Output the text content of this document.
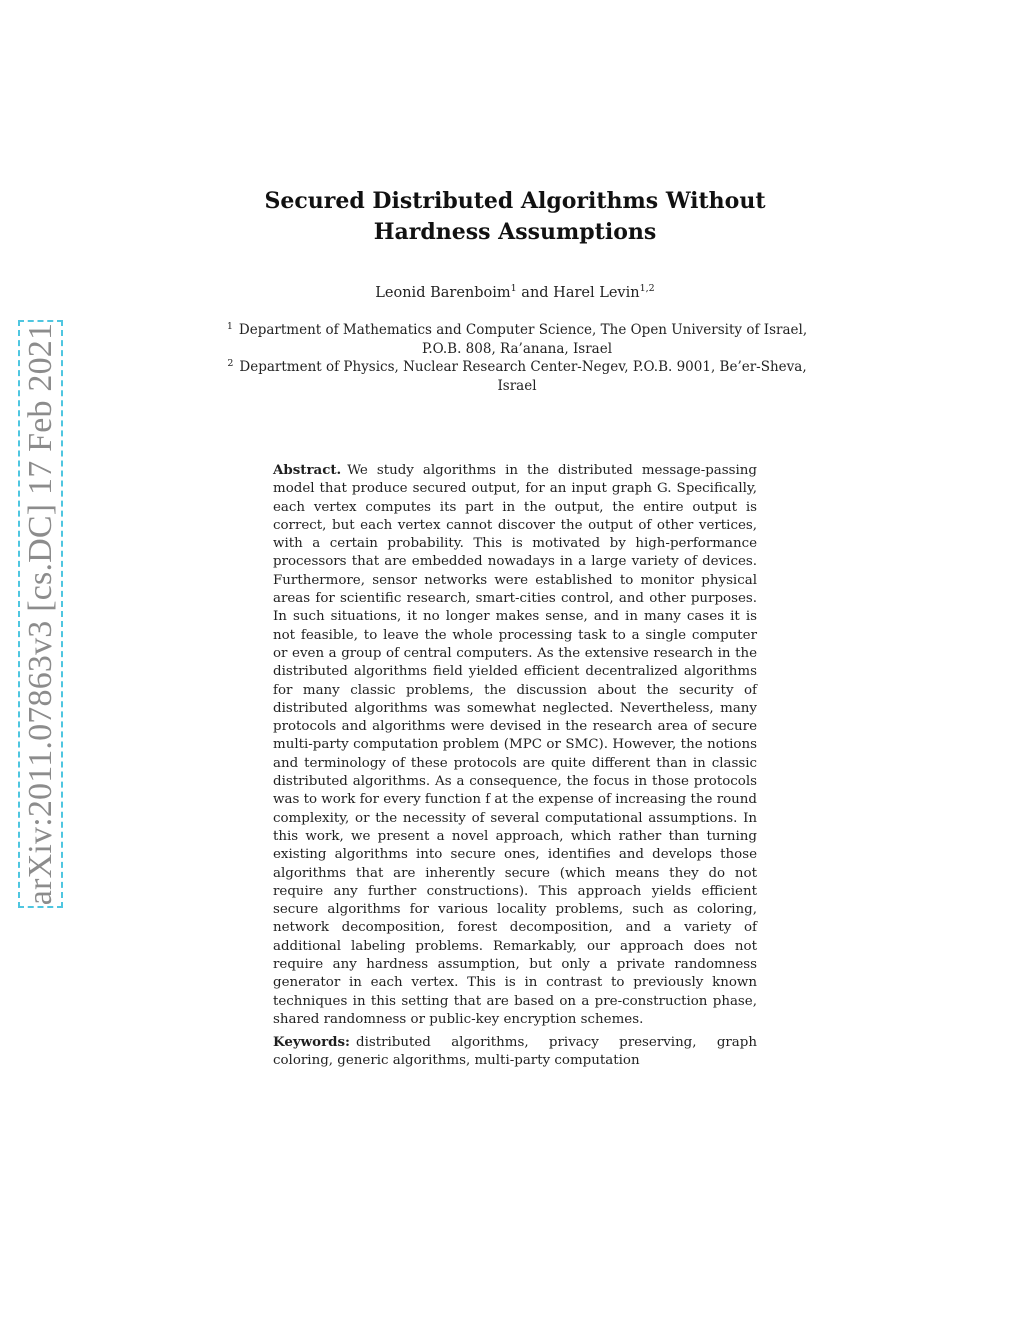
arXiv:2011.07863v3 [cs.DC] 17 Feb 2021
Secured Distributed Algorithms Without
Hardness Assumptions
Leonid Barenboim$^1$ and Harel Levin$^{1,2}$
$^1$ Department of Mathematics and Computer Science, The Open University of Israel,
P.O.B. 808, Ra’anana, Israel
$^2$ Department of Physics, Nuclear Research Center-Negev, P.O.B. 9001, Be’er-Sheva,
Israel
Abstract. We study algorithms in the distributed message-passing model that produce secured output, for an input graph G. Specifically, each vertex computes its part in the output, the entire output is correct, but each vertex cannot discover the output of other vertices, with a certain probability. This is motivated by high-performance processors that are embedded nowadays in a large variety of devices. Furthermore, sensor networks were established to monitor physical areas for scientific research, smart-cities control, and other purposes. In such situations, it no longer makes sense, and in many cases it is not feasible, to leave the whole processing task to a single computer or even a group of central computers. As the extensive research in the distributed algorithms field yielded efficient decentralized algorithms for many classic problems, the discussion about the security of distributed algorithms was somewhat neglected. Nevertheless, many protocols and algorithms were devised in the research area of secure multi-party computation problem (MPC or SMC). However, the notions and terminology of these protocols are quite different than in classic distributed algorithms. As a consequence, the focus in those protocols was to work for every function f at the expense of increasing the round complexity, or the necessity of several computational assumptions. In this work, we present a novel approach, which rather than turning existing algorithms into secure ones, identifies and develops those algorithms that are inherently secure (which means they do not require any further constructions). This approach yields efficient secure algorithms for various locality problems, such as coloring, network decomposition, forest decomposition, and a variety of additional labeling problems. Remarkably, our approach does not require any hardness assumption, but only a private randomness generator in each vertex. This is in contrast to previously known techniques in this setting that are based on a pre-construction phase, shared randomness or public-key encryption schemes.
Keywords: distributed algorithms, privacy preserving, graph coloring, generic algorithms, multi-party computation
